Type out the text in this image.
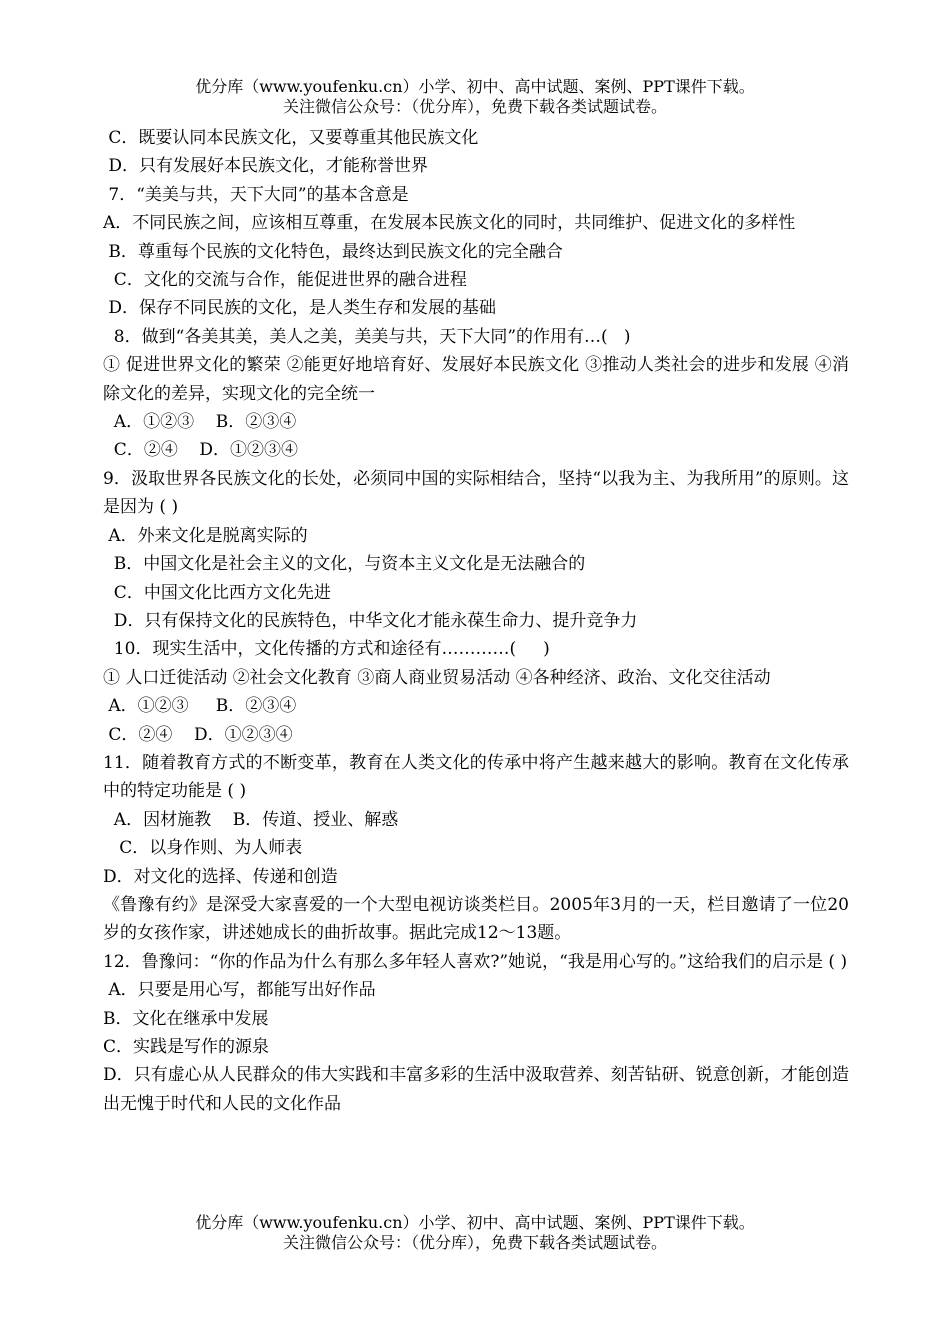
优分库（www.youfenku.cn）小学、初中、高中试题、案例、PPT课件下载。
关注微信公众号：（优分库），免费下载各类试题试卷。
C．既要认同本民族文化，又要尊重其他民族文化
D．只有发展好本民族文化，才能称誉世界
7．“美美与共，天下大同”的基本含意是
A．不同民族之间，应该相互尊重，在发展本民族文化的同时，共同维护、促进文化的多样性
B．尊重每个民族的文化特色，最终达到民族文化的完全融合
C．文化的交流与合作，能促进世界的融合进程
D．保存不同民族的文化，是人类生存和发展的基础
8．做到“各美其美，美人之美，美美与共，天下大同”的作用有…(   )
① 促进世界文化的繁荣 ②能更好地培育好、发展好本民族文化 ③推动人类社会的进步和发展 ④消除文化的差异，实现文化的完全统一
A．①②③    B．②③④
C．②④    D．①②③④
9．汲取世界各民族文化的长处，必须同中国的实际相结合，坚持“以我为主、为我所用”的原则。这是因为 ( )
A．外来文化是脱离实际的
B．中国文化是社会主义的文化，与资本主义文化是无法融合的
C．中国文化比西方文化先进
D．只有保持文化的民族特色，中华文化才能永葆生命力、提升竞争力
10．现实生活中，文化传播的方式和途径有…………(     )
① 人口迁徙活动 ②社会文化教育 ③商人商业贸易活动 ④各种经济、政治、文化交往活动
A．①②③     B．②③④
C．②④    D．①②③④
11．随着教育方式的不断变革，教育在人类文化的传承中将产生越来越大的影响。教育在文化传承中的特定功能是 ( )
A．因材施教    B．传道、授业、解惑
C．以身作则、为人师表
D．对文化的选择、传递和创造
《鲁豫有约》是深受大家喜爱的一个大型电视访谈类栏目。2005年3月的一天，栏目邀请了一位20岁的女孩作家，讲述她成长的曲折故事。据此完成12～13题。
12．鲁豫问：“你的作品为什么有那么多年轻人喜欢?”她说，“我是用心写的。”这给我们的启示是 ( )
A．只要是用心写，都能写出好作品
B．文化在继承中发展
C．实践是写作的源泉
D．只有虚心从人民群众的伟大实践和丰富多彩的生活中汲取营养、刻苦钻研、锐意创新，才能创造出无愧于时代和人民的文化作品
优分库（www.youfenku.cn）小学、初中、高中试题、案例、PPT课件下载。
关注微信公众号：（优分库），免费下载各类试题试卷。
